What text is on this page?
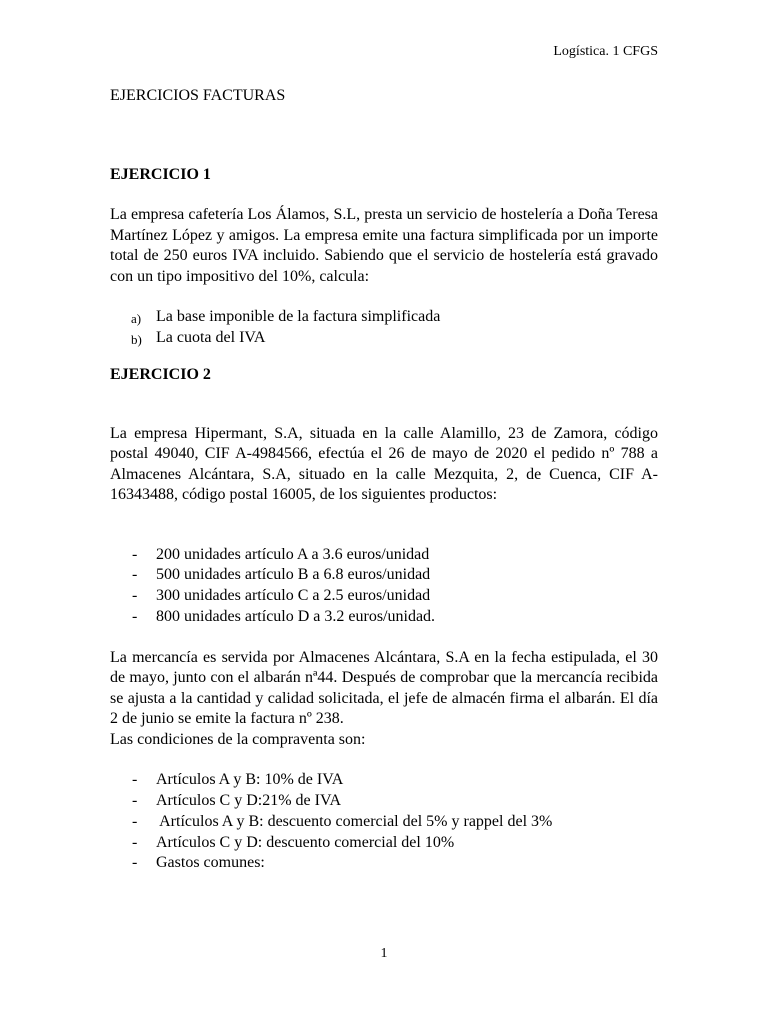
Logística. 1 CFGS
EJERCICIOS FACTURAS
EJERCICIO 1

La empresa cafetería Los Álamos, S.L, presta un servicio de hostelería a Doña Teresa Martínez López y amigos. La empresa emite una factura simplificada por un importe total de 250 euros IVA incluido. Sabiendo que el servicio de hostelería está gravado con un tipo impositivo del 10%, calcula:

a) La base imponible de la factura simplificada
b) La cuota del IVA
EJERCICIO 2

La empresa Hipermant, S.A, situada en la calle Alamillo, 23 de Zamora, código postal 49040, CIF A-4984566, efectúa el 26 de mayo de 2020 el pedido nº 788 a Almacenes Alcántara, S.A, situado en la calle Mezquita, 2, de Cuenca, CIF A-16343488, código postal 16005, de los siguientes productos:

- 200 unidades artículo A a 3.6 euros/unidad
- 500 unidades artículo B a 6.8 euros/unidad
- 300 unidades artículo C a 2.5 euros/unidad
- 800 unidades artículo D a 3.2 euros/unidad.

La mercancía es servida por Almacenes Alcántara, S.A en la fecha estipulada, el 30 de mayo, junto con el albarán nª44. Después de comprobar que la mercancía recibida se ajusta a la cantidad y calidad solicitada, el jefe de almacén firma el albarán. El día 2 de junio se emite la factura nº 238.

Las condiciones de la compraventa son:

- Artículos A y B: 10% de IVA
- Artículos C y D:21% de IVA
- Artículos A y B: descuento comercial del 5% y rappel del 3%
- Artículos C y D: descuento comercial del 10%
- Gastos comunes:
1
